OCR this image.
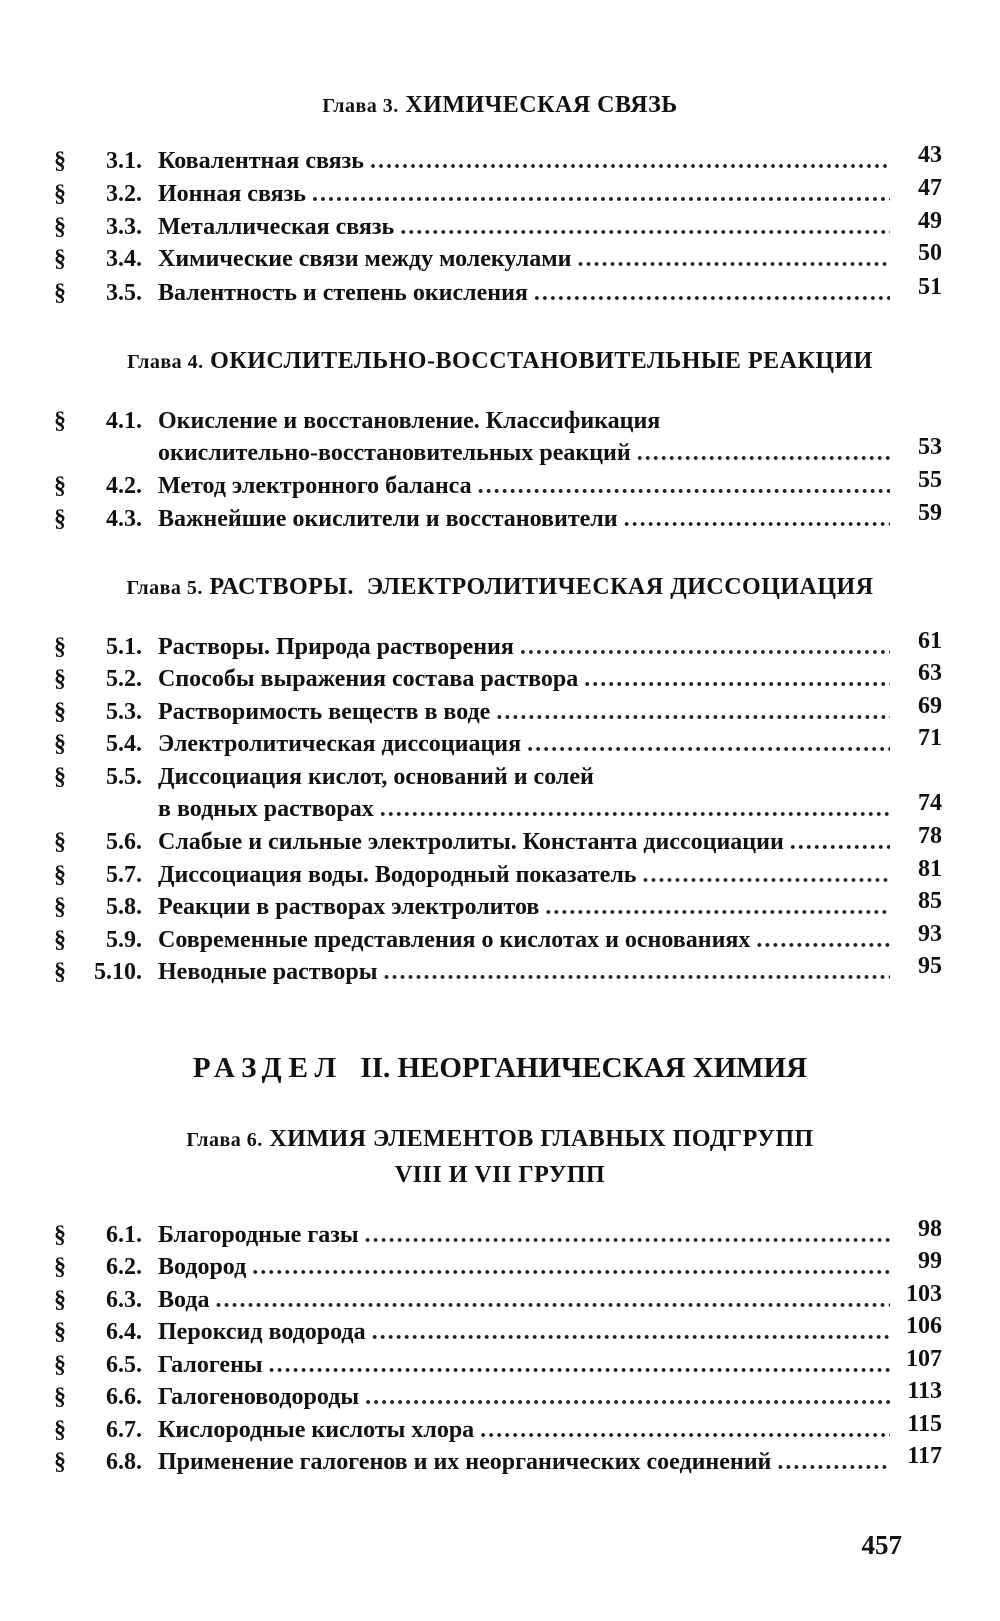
Глава 3. ХИМИЧЕСКАЯ СВЯЗЬ
§	3.1. Ковалентная связь .....	43
§	3.2. Ионная связь .....	47
§	3.3. Металлическая связь .....	49
§	3.4. Химические связи между молекулами .....	50
§	3.5. Валентность и степень окисления .....	51
Глава 4. ОКИСЛИТЕЛЬНО-ВОССТАНОВИТЕЛЬНЫЕ РЕАКЦИИ
§	4.1. Окисление и восстановление. Классификация
окислительно-восстановительных реакций .....	53
§	4.2. Метод электронного баланса .....	55
§	4.3. Важнейшие окислители и восстановители .....	59
Глава 5. РАСТВОРЫ.  ЭЛЕКТРОЛИТИЧЕСКАЯ ДИССОЦИАЦИЯ
§	5.1. Растворы. Природа растворения .....	61
§	5.2. Способы выражения состава раствора .....	63
§	5.3. Растворимость веществ в воде .....	69
§	5.4. Электролитическая диссоциация .....	71
§	5.5. Диссоциация кислот, оснований и солей
в водных растворах .....	74
§	5.6. Слабые и сильные электролиты. Константа диссоциации .....	78
§	5.7. Диссоциация воды. Водородный показатель .....	81
§	5.8. Реакции в растворах электролитов .....	85
§	5.9. Современные представления о кислотах и основаниях .....	93
§ 5.10. Неводные растворы .....	95
РАЗДЕЛ II. НЕОРГАНИЧЕСКАЯ ХИМИЯ
Глава 6. ХИМИЯ ЭЛЕМЕНТОВ ГЛАВНЫХ ПОДГРУПП
VIII И VII ГРУПП
§	6.1. Благородные газы .....	98
§	6.2. Водород .....	99
§	6.3. Вода .....	103
§	6.4. Пероксид водорода .....	106
§	6.5. Галогены .....	107
§	6.6. Галогеноводороды .....	113
§	6.7. Кислородные кислоты хлора .....	115
§	6.8. Применение галогенов и их неорганических соединений .....	117
457
